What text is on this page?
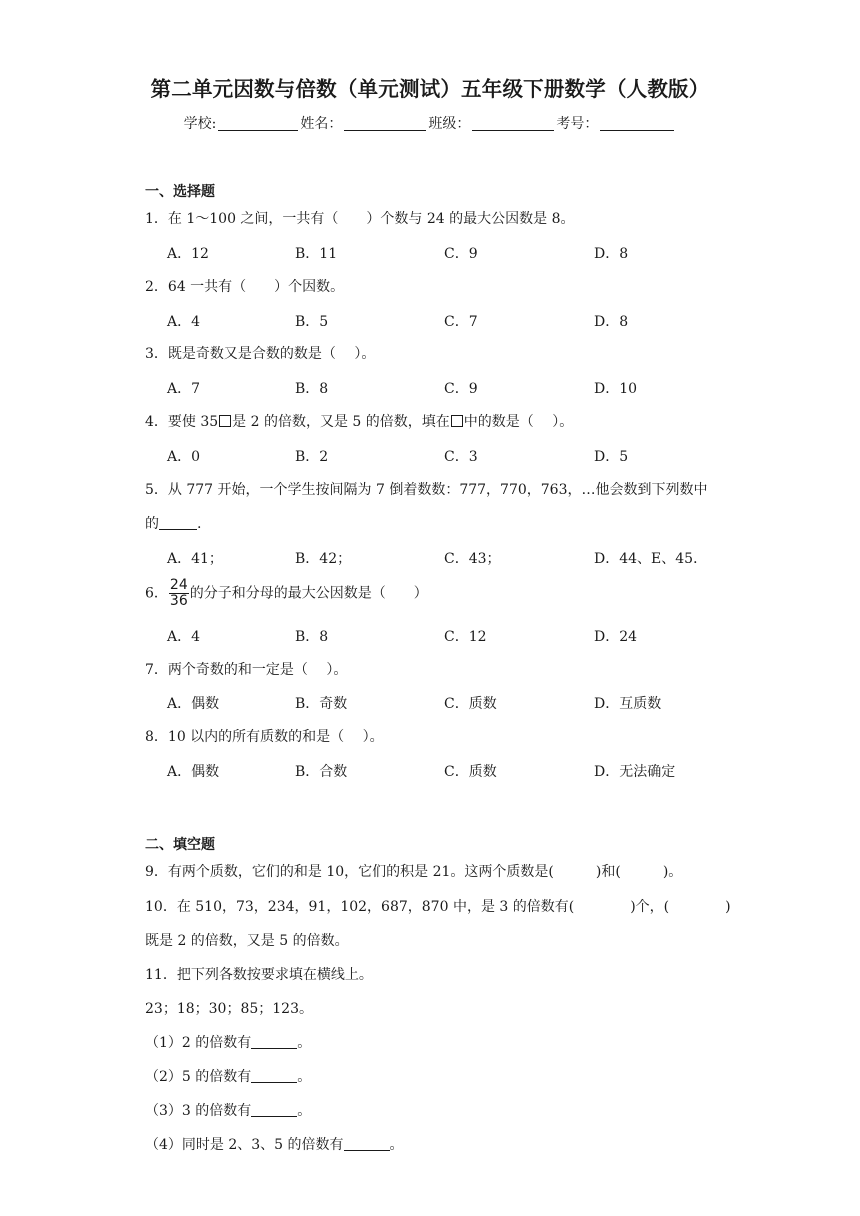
第二单元因数与倍数（单元测试）五年级下册数学（人教版）
学校:	姓名：	班级：	考号：
一、选择题
1．在 1～100 之间，一共有（　　）个数与 24 的最大公因数是 8。
A．12	B．11	C．9	D．8
2．64 一共有（　　）个因数。
A．4	B．5	C．7	D．8
3．既是奇数又是合数的数是（　 ）。
A．7	B．8	C．9	D．10
4．要使 35 是 2 的倍数，又是 5 的倍数，填在 中的数是（　 ）。
A．0	B．2	C．3	D．5
5．从 777 开始，一个学生按间隔为 7 倒着数数：777，770，763，…他会数到下列数中
的	.
A．41；	B．42；	C．43；	D．44、E、45．
6． $\frac{24}{36}$ 的分子和分母的最大公因数是（　　）
A．4	B．8	C．12	D．24
7．两个奇数的和一定是（　 ）。
A．偶数	B．奇数	C．质数	D．互质数
8．10 以内的所有质数的和是（　 ）。
A．偶数	B．合数	C．质数	D．无法确定
二、填空题
9．有两个质数，它们的和是 10，它们的积是 21。这两个质数是(　　　)和(　　　)。
10．在 510，73，234，91，102，687，870 中，是 3 的倍数有(　　　　)个，(　　　　)
既是 2 的倍数，又是 5 的倍数。
11．把下列各数按要求填在横线上。
23；18；30；85；123。
（1）2 的倍数有	。
（2）5 的倍数有	。
（3）3 的倍数有	。
（4）同时是 2、3、5 的倍数有	。
